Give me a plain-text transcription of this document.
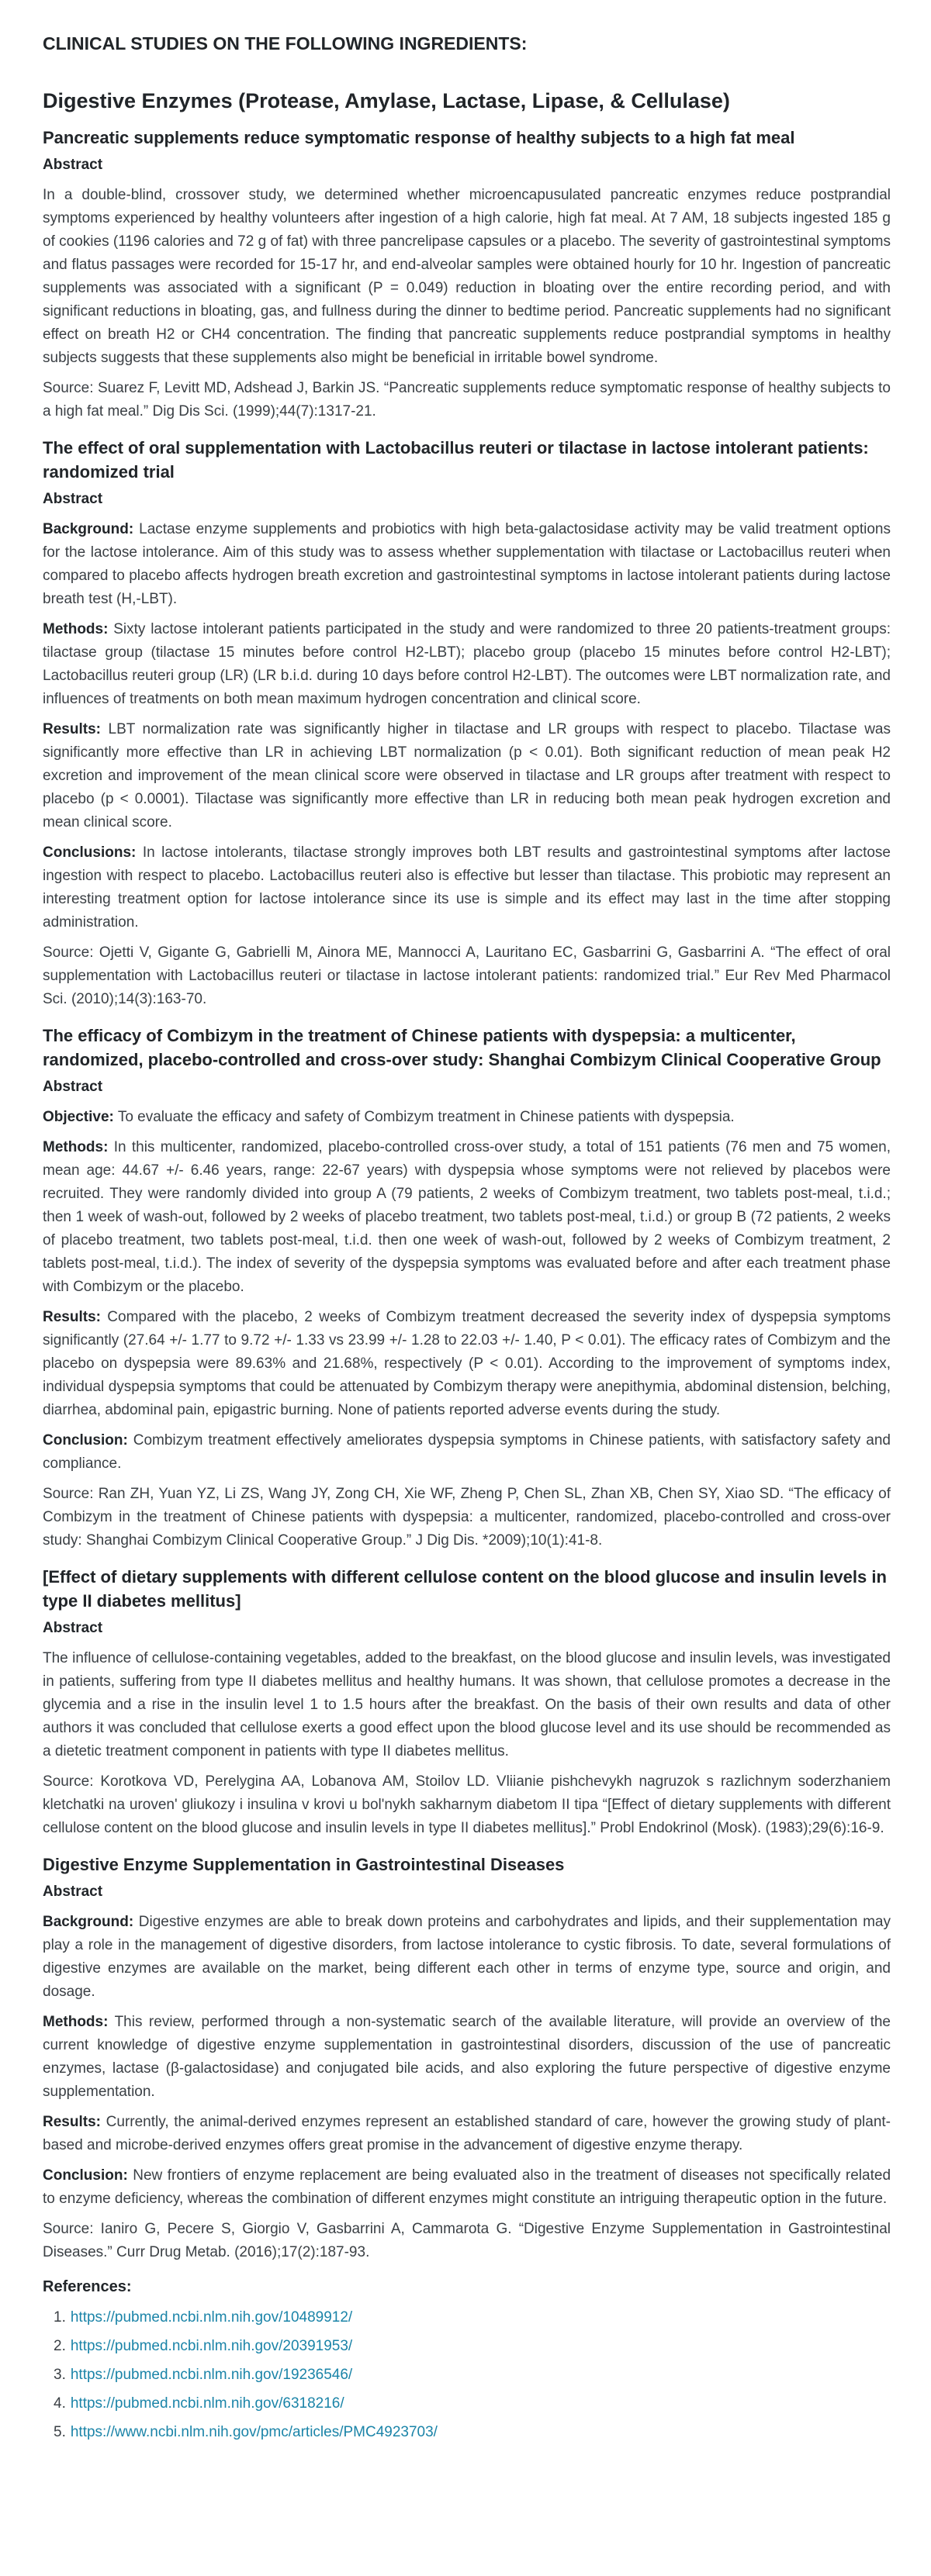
CLINICAL STUDIES ON THE FOLLOWING INGREDIENTS:
Digestive Enzymes (Protease, Amylase, Lactase, Lipase, & Cellulase)
Pancreatic supplements reduce symptomatic response of healthy subjects to a high fat meal
Abstract

In a double-blind, crossover study, we determined whether microencapusulated pancreatic enzymes reduce postprandial symptoms experienced by healthy volunteers after ingestion of a high calorie, high fat meal. At 7 AM, 18 subjects ingested 185 g of cookies (1196 calories and 72 g of fat) with three pancrelipase capsules or a placebo. The severity of gastrointestinal symptoms and flatus passages were recorded for 15-17 hr, and end-alveolar samples were obtained hourly for 10 hr. Ingestion of pancreatic supplements was associated with a significant (P = 0.049) reduction in bloating over the entire recording period, and with significant reductions in bloating, gas, and fullness during the dinner to bedtime period. Pancreatic supplements had no significant effect on breath H2 or CH4 concentration. The finding that pancreatic supplements reduce postprandial symptoms in healthy subjects suggests that these supplements also might be beneficial in irritable bowel syndrome.

Source: Suarez F, Levitt MD, Adshead J, Barkin JS. “Pancreatic supplements reduce symptomatic response of healthy subjects to a high fat meal.” Dig Dis Sci. (1999);44(7):1317-21.

The effect of oral supplementation with Lactobacillus reuteri or tilactase in lactose intolerant patients: randomized trial
Abstract

Background: Lactase enzyme supplements and probiotics with high beta-galactosidase activity may be valid treatment options for the lactose intolerance. Aim of this study was to assess whether supplementation with tilactase or Lactobacillus reuteri when compared to placebo affects hydrogen breath excretion and gastrointestinal symptoms in lactose intolerant patients during lactose breath test (H,-LBT).

Methods: Sixty lactose intolerant patients participated in the study and were randomized to three 20 patients-treatment groups: tilactase group (tilactase 15 minutes before control H2-LBT); placebo group (placebo 15 minutes before control H2-LBT); Lactobacillus reuteri group (LR) (LR b.i.d. during 10 days before control H2-LBT). The outcomes were LBT normalization rate, and influences of treatments on both mean maximum hydrogen concentration and clinical score.

Results: LBT normalization rate was significantly higher in tilactase and LR groups with respect to placebo. Tilactase was significantly more effective than LR in achieving LBT normalization (p < 0.01). Both significant reduction of mean peak H2 excretion and improvement of the mean clinical score were observed in tilactase and LR groups after treatment with respect to placebo (p < 0.0001). Tilactase was significantly more effective than LR in reducing both mean peak hydrogen excretion and mean clinical score.

Conclusions: In lactose intolerants, tilactase strongly improves both LBT results and gastrointestinal symptoms after lactose ingestion with respect to placebo. Lactobacillus reuteri also is effective but lesser than tilactase. This probiotic may represent an interesting treatment option for lactose intolerance since its use is simple and its effect may last in the time after stopping administration.

Source: Ojetti V, Gigante G, Gabrielli M, Ainora ME, Mannocci A, Lauritano EC, Gasbarrini G, Gasbarrini A. “The effect of oral supplementation with Lactobacillus reuteri or tilactase in lactose intolerant patients: randomized trial.” Eur Rev Med Pharmacol Sci. (2010);14(3):163-70.

The efficacy of Combizym in the treatment of Chinese patients with dyspepsia: a multicenter, randomized, placebo-controlled and cross-over study: Shanghai Combizym Clinical Cooperative Group
Abstract

Objective: To evaluate the efficacy and safety of Combizym treatment in Chinese patients with dyspepsia.

Methods: In this multicenter, randomized, placebo-controlled cross-over study, a total of 151 patients (76 men and 75 women, mean age: 44.67 +/- 6.46 years, range: 22-67 years) with dyspepsia whose symptoms were not relieved by placebos were recruited. They were randomly divided into group A (79 patients, 2 weeks of Combizym treatment, two tablets post-meal, t.i.d.; then 1 week of wash-out, followed by 2 weeks of placebo treatment, two tablets post-meal, t.i.d.) or group B (72 patients, 2 weeks of placebo treatment, two tablets post-meal, t.i.d. then one week of wash-out, followed by 2 weeks of Combizym treatment, 2 tablets post-meal, t.i.d.). The index of severity of the dyspepsia symptoms was evaluated before and after each treatment phase with Combizym or the placebo.

Results: Compared with the placebo, 2 weeks of Combizym treatment decreased the severity index of dyspepsia symptoms significantly (27.64 +/- 1.77 to 9.72 +/- 1.33 vs 23.99 +/- 1.28 to 22.03 +/- 1.40, P < 0.01). The efficacy rates of Combizym and the placebo on dyspepsia were 89.63% and 21.68%, respectively (P < 0.01). According to the improvement of symptoms index, individual dyspepsia symptoms that could be attenuated by Combizym therapy were anepithymia, abdominal distension, belching, diarrhea, abdominal pain, epigastric burning. None of patients reported adverse events during the study.

Conclusion: Combizym treatment effectively ameliorates dyspepsia symptoms in Chinese patients, with satisfactory safety and compliance.

Source: Ran ZH, Yuan YZ, Li ZS, Wang JY, Zong CH, Xie WF, Zheng P, Chen SL, Zhan XB, Chen SY, Xiao SD. “The efficacy of Combizym in the treatment of Chinese patients with dyspepsia: a multicenter, randomized, placebo-controlled and cross-over study: Shanghai Combizym Clinical Cooperative Group.” J Dig Dis. *2009);10(1):41-8.

[Effect of dietary supplements with different cellulose content on the blood glucose and insulin levels in type II diabetes mellitus]
Abstract

The influence of cellulose-containing vegetables, added to the breakfast, on the blood glucose and insulin levels, was investigated in patients, suffering from type II diabetes mellitus and healthy humans. It was shown, that cellulose promotes a decrease in the glycemia and a rise in the insulin level 1 to 1.5 hours after the breakfast. On the basis of their own results and data of other authors it was concluded that cellulose exerts a good effect upon the blood glucose level and its use should be recommended as a dietetic treatment component in patients with type II diabetes mellitus.

Source: Korotkova VD, Perelygina AA, Lobanova AM, Stoilov LD. Vliianie pishchevykh nagruzok s razlichnym soderzhaniem kletchatki na uroven' gliukozy i insulina v krovi u bol'nykh sakharnym diabetom II tipa “[Effect of dietary supplements with different cellulose content on the blood glucose and insulin levels in type II diabetes mellitus].” Probl Endokrinol (Mosk). (1983);29(6):16-9.

Digestive Enzyme Supplementation in Gastrointestinal Diseases
Abstract

Background: Digestive enzymes are able to break down proteins and carbohydrates and lipids, and their supplementation may play a role in the management of digestive disorders, from lactose intolerance to cystic fibrosis. To date, several formulations of digestive enzymes are available on the market, being different each other in terms of enzyme type, source and origin, and dosage.

Methods: This review, performed through a non-systematic search of the available literature, will provide an overview of the current knowledge of digestive enzyme supplementation in gastrointestinal disorders, discussion of the use of pancreatic enzymes, lactase (β-galactosidase) and conjugated bile acids, and also exploring the future perspective of digestive enzyme supplementation.

Results: Currently, the animal-derived enzymes represent an established standard of care, however the growing study of plant-based and microbe-derived enzymes offers great promise in the advancement of digestive enzyme therapy.

Conclusion: New frontiers of enzyme replacement are being evaluated also in the treatment of diseases not specifically related to enzyme deficiency, whereas the combination of different enzymes might constitute an intriguing therapeutic option in the future.

Source: Ianiro G, Pecere S, Giorgio V, Gasbarrini A, Cammarota G. “Digestive Enzyme Supplementation in Gastrointestinal Diseases.” Curr Drug Metab. (2016);17(2):187-93.

References:
1. https://pubmed.ncbi.nlm.nih.gov/10489912/
2. https://pubmed.ncbi.nlm.nih.gov/20391953/
3. https://pubmed.ncbi.nlm.nih.gov/19236546/
4. https://pubmed.ncbi.nlm.nih.gov/6318216/
5. https://www.ncbi.nlm.nih.gov/pmc/articles/PMC4923703/
